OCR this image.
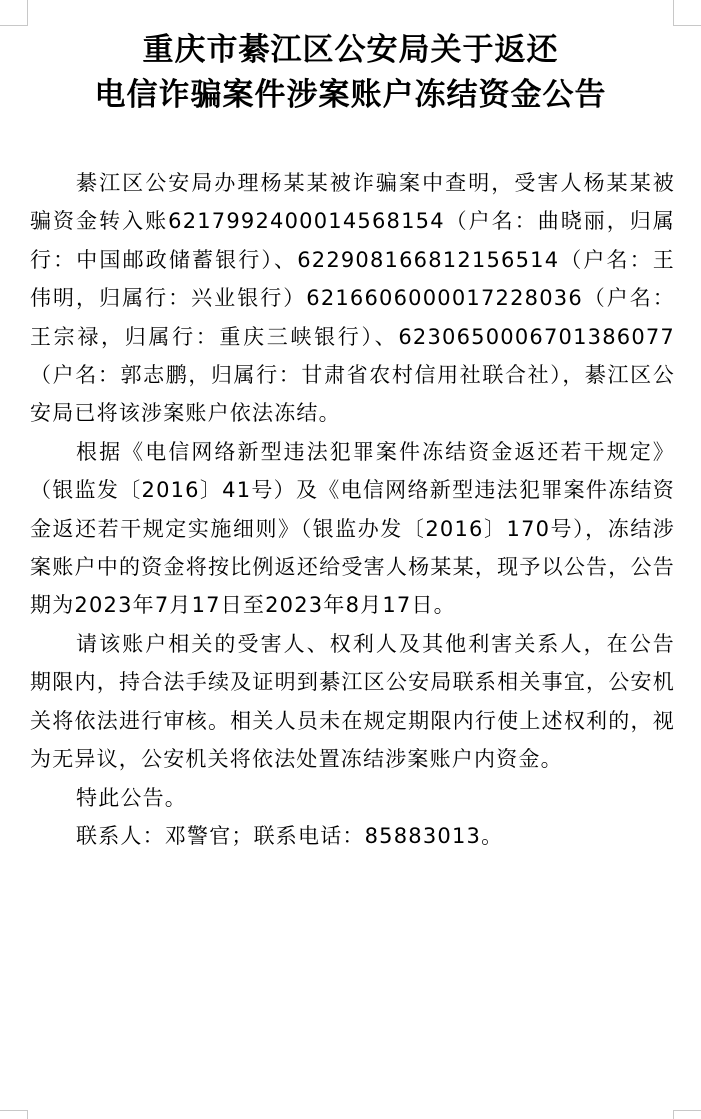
重庆市綦江区公安局关于返还
电信诈骗案件涉案账户冻结资金公告

綦江区公安局办理杨某某被诈骗案中查明，受害人杨某某被骗资金转入账6217992400014568154（户名：曲晓丽，归属行：中国邮政储蓄银行）、6229081668121565​14（户名：王伟明，归属行：兴业银行）6216606000017228036（户名：王宗禄，归属行：重庆三峡银行）、6230650006701386077（户名：郭志鹏，归属行：甘肃省农村信用社联合社），綦江区公安局已将该涉案账户依法冻结。

根据《电信网络新型违法犯罪案件冻结资金返还若干规定》（银监发〔2016〕41号）及《电信网络新型违法犯罪案件冻结资金返还若干规定实施细则》（银监办发〔2016〕170号），冻结涉案账户中的资金将按比例返还给受害人杨某某，现予以公告，公告期为2023年7月17日至2023年8月17日。

请该账户相关的受害人、权利人及其他利害关系人，在公告期限内，持合法手续及证明到綦江区公安局联系相关事宜，公安机关将依法进行审核。相关人员未在规定期限内行使上述权利的，视为无异议，公安机关将依法处置冻结涉案账户内资金。

特此公告。

联系人：邓警官；联系电话：85883013。
